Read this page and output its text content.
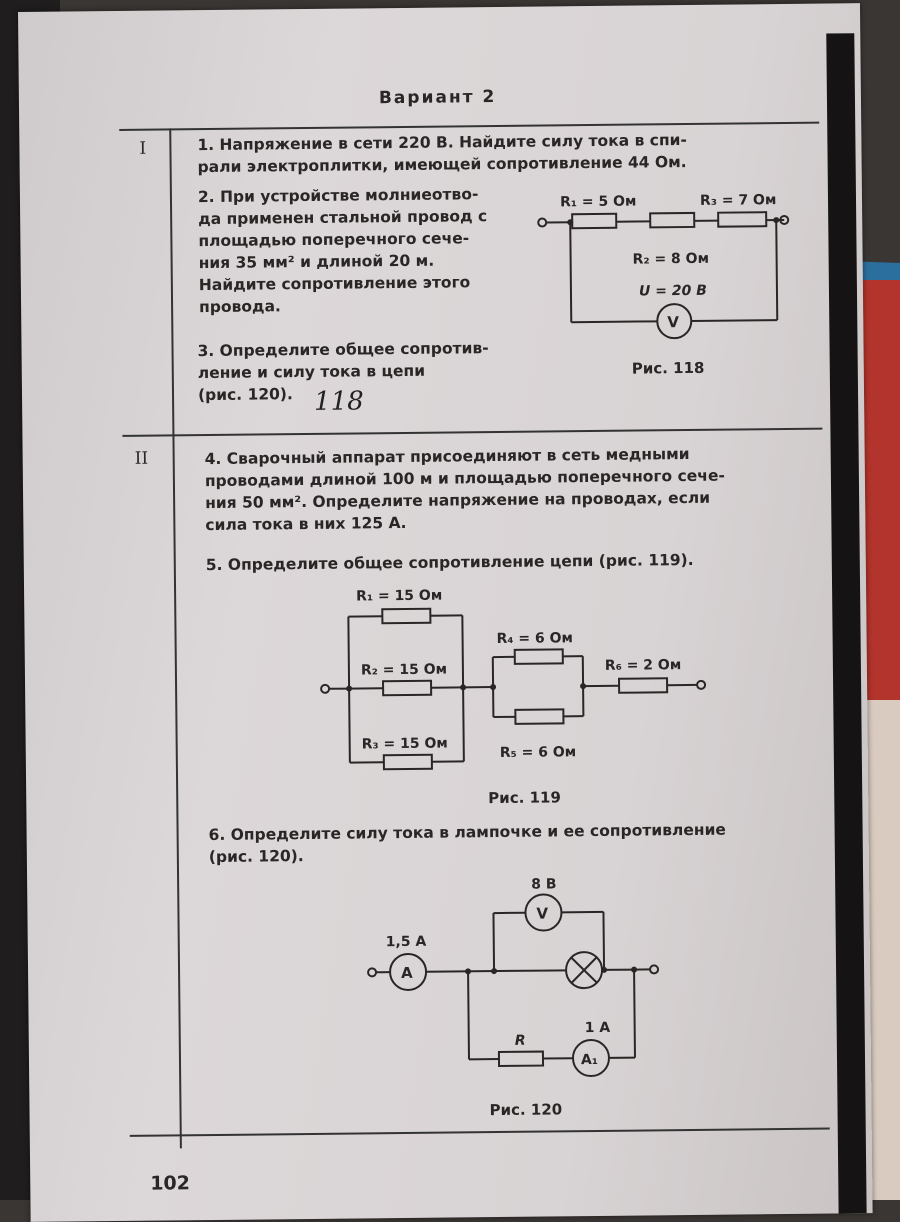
Вариант 2
I
II
1. Напряжение в сети 220 В. Найдите силу тока в спи-
рали электроплитки, имеющей сопротивление 44 Ом.
2. При устройстве молниеотво-
да применен стальной провод с
площадью поперечного сече-
ния 35 мм² и длиной 20 м.
Найдите сопротивление этого
провода.
3. Определите общее сопротив-
ление и силу тока в цепи
(рис. 120). 118
R₁ = 5 Ом	R₃ = 7 Ом
R₂ = 8 Ом
U = 20 В
V
Рис. 118
4. Сварочный аппарат присоединяют в сеть медными
проводами длиной 100 м и площадью поперечного сече-
ния 50 мм². Определите напряжение на проводах, если
сила тока в них 125 А.
5. Определите общее сопротивление цепи (рис. 119).
R₁ = 15 Ом
R₂ = 15 Ом
R₃ = 15 Ом
R₄ = 6 Ом
R₅ = 6 Ом
R₆ = 2 Ом
Рис. 119
6. Определите силу тока в лампочке и ее сопротивление
(рис. 120).
8 В
V
1,5 А
A
1 А
A₁
R
Рис. 120
102
